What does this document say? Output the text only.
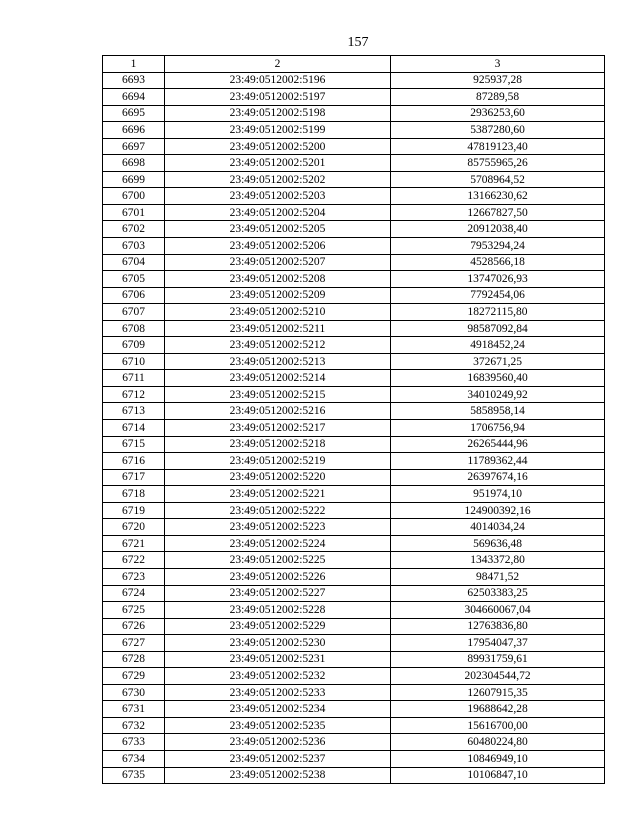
157
1	2	3
6693	23:49:0512002:5196	925937,28
6694	23:49:0512002:5197	87289,58
6695	23:49:0512002:5198	2936253,60
6696	23:49:0512002:5199	5387280,60
6697	23:49:0512002:5200	47819123,40
6698	23:49:0512002:5201	85755965,26
6699	23:49:0512002:5202	5708964,52
6700	23:49:0512002:5203	13166230,62
6701	23:49:0512002:5204	12667827,50
6702	23:49:0512002:5205	20912038,40
6703	23:49:0512002:5206	7953294,24
6704	23:49:0512002:5207	4528566,18
6705	23:49:0512002:5208	13747026,93
6706	23:49:0512002:5209	7792454,06
6707	23:49:0512002:5210	18272115,80
6708	23:49:0512002:5211	98587092,84
6709	23:49:0512002:5212	4918452,24
6710	23:49:0512002:5213	372671,25
6711	23:49:0512002:5214	16839560,40
6712	23:49:0512002:5215	34010249,92
6713	23:49:0512002:5216	5858958,14
6714	23:49:0512002:5217	1706756,94
6715	23:49:0512002:5218	26265444,96
6716	23:49:0512002:5219	11789362,44
6717	23:49:0512002:5220	26397674,16
6718	23:49:0512002:5221	951974,10
6719	23:49:0512002:5222	124900392,16
6720	23:49:0512002:5223	4014034,24
6721	23:49:0512002:5224	569636,48
6722	23:49:0512002:5225	1343372,80
6723	23:49:0512002:5226	98471,52
6724	23:49:0512002:5227	62503383,25
6725	23:49:0512002:5228	304660067,04
6726	23:49:0512002:5229	12763836,80
6727	23:49:0512002:5230	17954047,37
6728	23:49:0512002:5231	89931759,61
6729	23:49:0512002:5232	202304544,72
6730	23:49:0512002:5233	12607915,35
6731	23:49:0512002:5234	19688642,28
6732	23:49:0512002:5235	15616700,00
6733	23:49:0512002:5236	60480224,80
6734	23:49:0512002:5237	10846949,10
6735	23:49:0512002:5238	10106847,10
